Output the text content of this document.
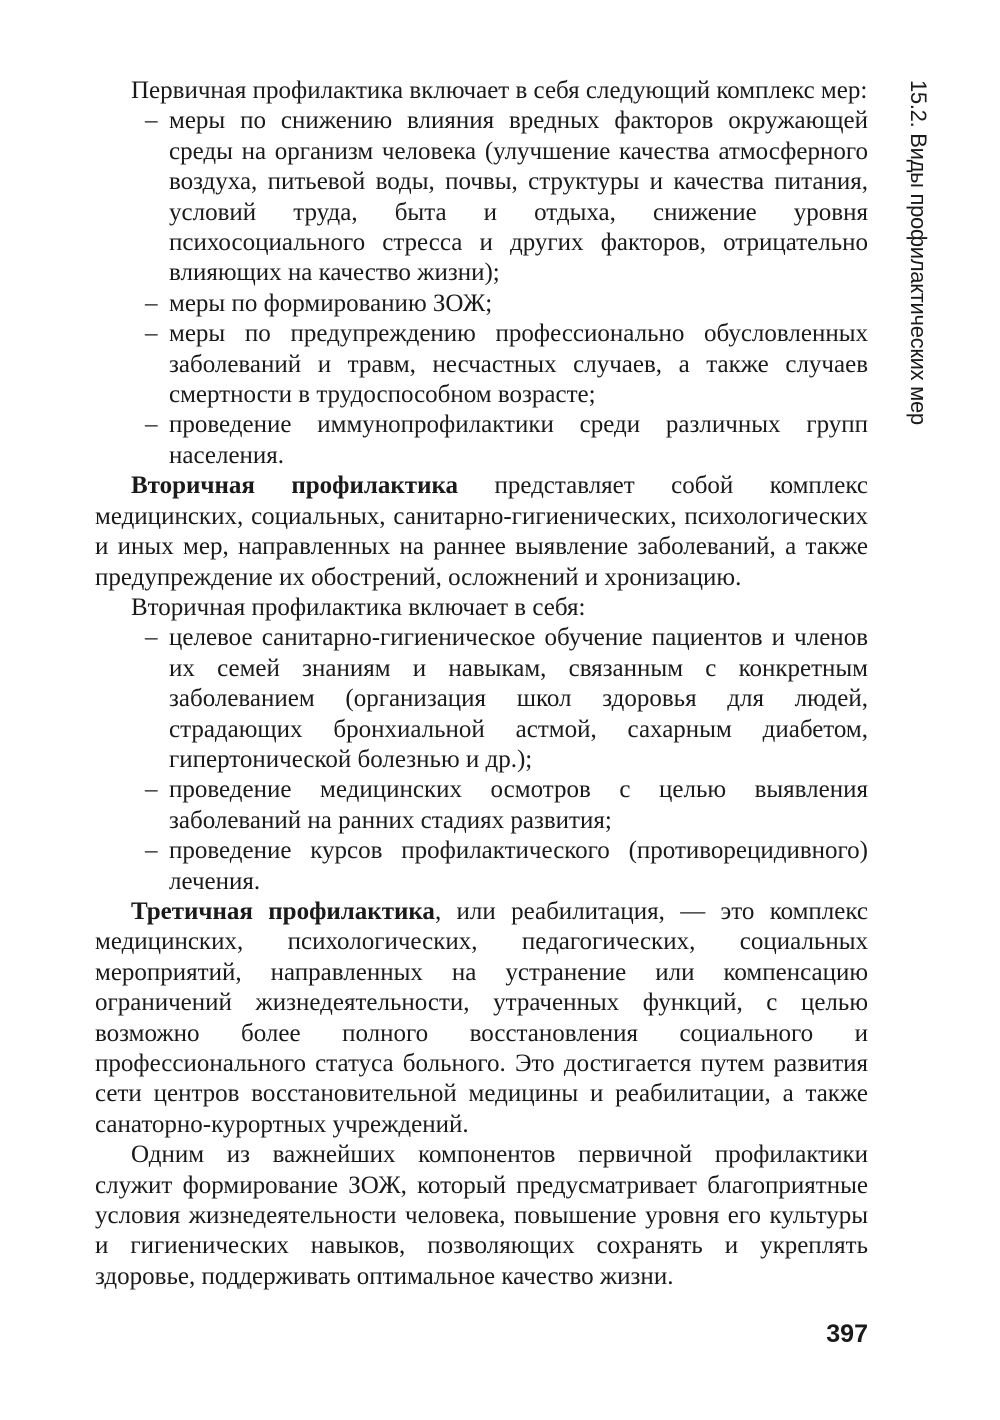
15.2. Виды профилактических мер

Первичная профилактика включает в себя следующий комплекс мер:

– меры по снижению влияния вредных факторов окружающей среды на организм человека (улучшение качества атмосферного воздуха, питьевой воды, почвы, структуры и качества питания, условий труда, быта и отдыха, снижение уровня психосоциального стресса и других факторов, отрицательно влияющих на качество жизни);
– меры по формированию ЗОЖ;
– меры по предупреждению профессионально обусловленных заболеваний и травм, несчастных случаев, а также случаев смертности в трудоспособном возрасте;
– проведение иммунопрофилактики среди различных групп населения.

Вторичная профилактика представляет собой комплекс медицинских, социальных, санитарно-гигиенических, психологических и иных мер, направленных на раннее выявление заболеваний, а также предупреждение их обострений, осложнений и хронизацию.

Вторичная профилактика включает в себя:

– целевое санитарно-гигиеническое обучение пациентов и членов их семей знаниям и навыкам, связанным с конкретным заболеванием (организация школ здоровья для людей, страдающих бронхиальной астмой, сахарным диабетом, гипертонической болезнью и др.);
– проведение медицинских осмотров с целью выявления заболеваний на ранних стадиях развития;
– проведение курсов профилактического (противорецидивного) лечения.

Третичная профилактика, или реабилитация, — это комплекс медицинских, психологических, педагогических, социальных мероприятий, направленных на устранение или компенсацию ограничений жизнедеятельности, утраченных функций, с целью возможно более полного восстановления социального и профессионального статуса больного. Это достигается путем развития сети центров восстановительной медицины и реабилитации, а также санаторно-курортных учреждений.

Одним из важнейших компонентов первичной профилактики служит формирование ЗОЖ, который предусматривает благоприятные условия жизнедеятельности человека, повышение уровня его культуры и гигиенических навыков, позволяющих сохранять и укреплять здоровье, поддерживать оптимальное качество жизни.

397
